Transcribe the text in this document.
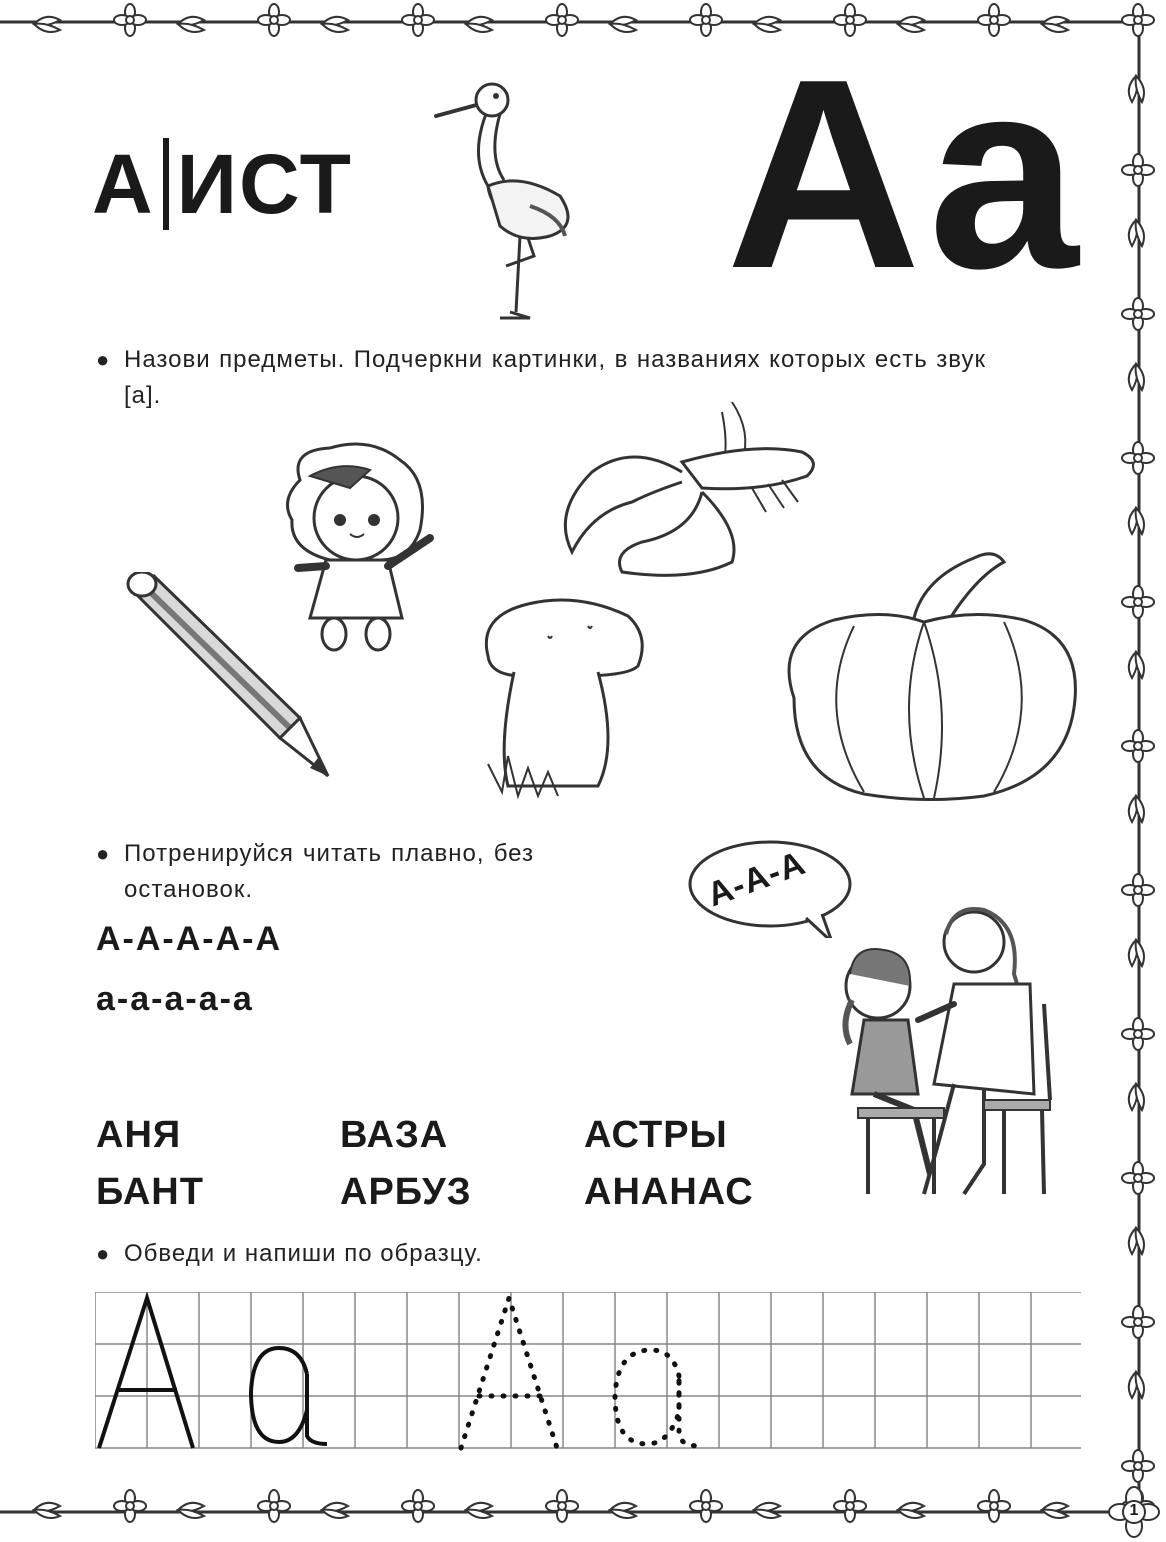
А ИСТ Аа
● Назови предметы. Подчеркни картинки, в названиях которых есть звук [а].
● Потренируйся читать плавно, без остановок.	А-А-А
А-А-А-А-А
а-а-а-а-а
АНЯ	ВАЗА	АСТРЫ
БАНТ	АРБУЗ	АНАНАС
● Обведи и напиши по образцу.
1
